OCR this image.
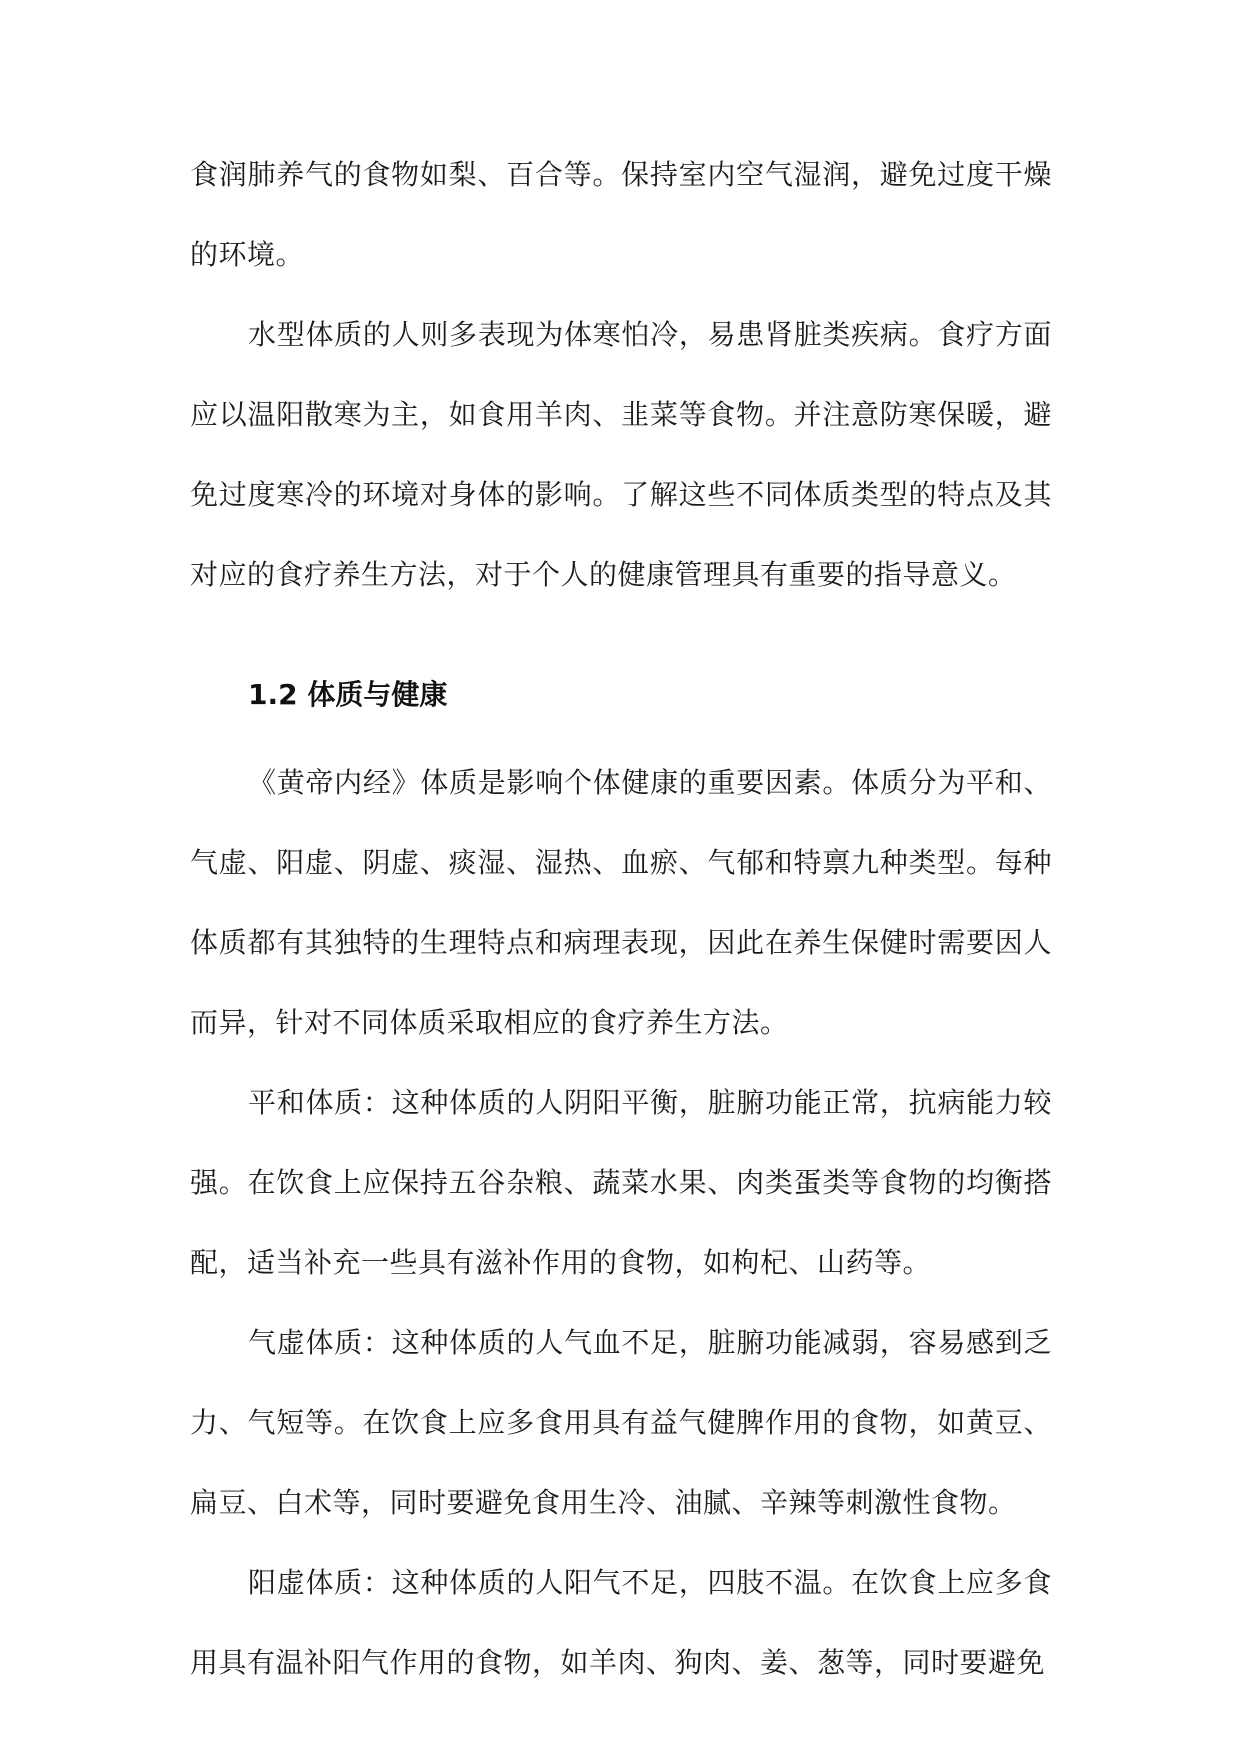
食润肺养气的食物如梨、百合等。保持室内空气湿润，避免过度干燥的环境。

水型体质的人则多表现为体寒怕冷，易患肾脏类疾病。食疗方面应以温阳散寒为主，如食用羊肉、韭菜等食物。并注意防寒保暖，避免过度寒冷的环境对身体的影响。了解这些不同体质类型的特点及其对应的食疗养生方法，对于个人的健康管理具有重要的指导意义。

1.2 体质与健康

《黄帝内经》体质是影响个体健康的重要因素。体质分为平和、气虚、阳虚、阴虚、痰湿、湿热、血瘀、气郁和特禀九种类型。每种体质都有其独特的生理特点和病理表现，因此在养生保健时需要因人而异，针对不同体质采取相应的食疗养生方法。

平和体质：这种体质的人阴阳平衡，脏腑功能正常，抗病能力较强。在饮食上应保持五谷杂粮、蔬菜水果、肉类蛋类等食物的均衡搭配，适当补充一些具有滋补作用的食物，如枸杞、山药等。

气虚体质：这种体质的人气血不足，脏腑功能减弱，容易感到乏力、气短等。在饮食上应多食用具有益气健脾作用的食物，如黄豆、扁豆、白术等，同时要避免食用生冷、油腻、辛辣等刺激性食物。

阳虚体质：这种体质的人阳气不足，四肢不温。在饮食上应多食用具有温补阳气作用的食物，如羊肉、狗肉、姜、葱等，同时要避免
